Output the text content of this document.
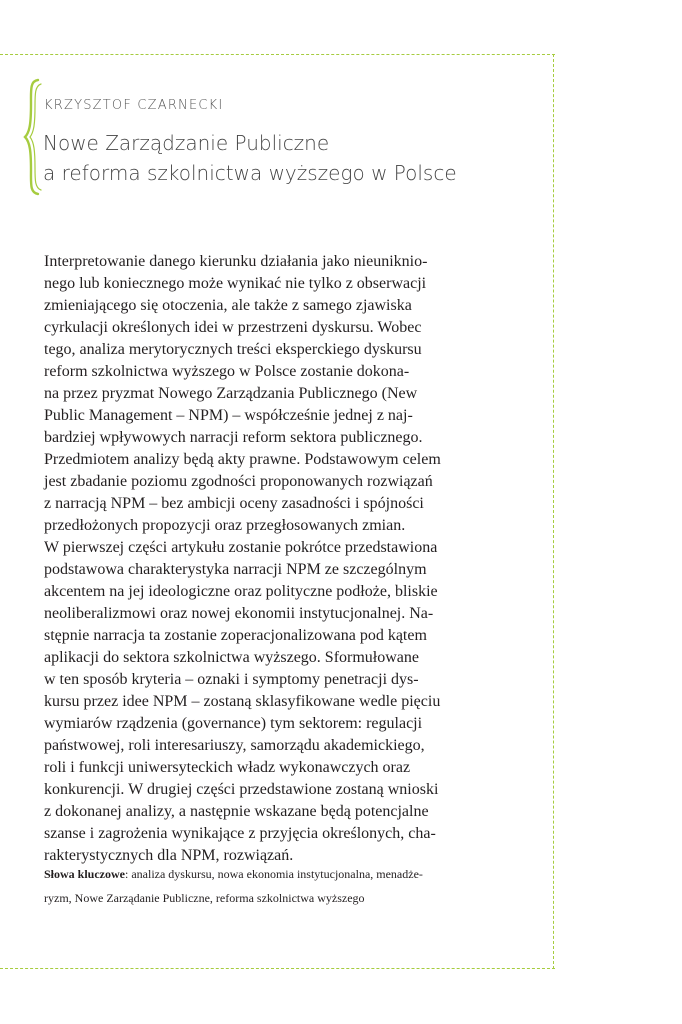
KRZYSZTOF CZARNECKI
Nowe Zarządzanie Publiczne
a reforma szkolnictwa wyższego w Polsce
Interpretowanie danego kierunku działania jako nieuniknio-
nego lub koniecznego może wynikać nie tylko z obserwacji
zmieniającego się otoczenia, ale także z samego zjawiska
cyrkulacji określonych idei w przestrzeni dyskursu. Wobec
tego, analiza merytorycznych treści eksperckiego dyskursu
reform szkolnictwa wyższego w Polsce zostanie dokona-
na przez pryzmat Nowego Zarządzania Publicznego (New
Public Management – NPM) – współcześnie jednej z naj-
bardziej wpływowych narracji reform sektora publicznego.
Przedmiotem analizy będą akty prawne. Podstawowym celem
jest zbadanie poziomu zgodności proponowanych rozwiązań
z narracją NPM – bez ambicji oceny zasadności i spójności
przedłożonych propozycji oraz przegłosowanych zmian.
W pierwszej części artykułu zostanie pokrótce przedstawiona
podstawowa charakterystyka narracji NPM ze szczególnym
akcentem na jej ideologiczne oraz polityczne podłoże, bliskie
neoliberalizmowi oraz nowej ekonomii instytucjonalnej. Na-
stępnie narracja ta zostanie zoperacjonalizowana pod kątem
aplikacji do sektora szkolnictwa wyższego. Sformułowane
w ten sposób kryteria – oznaki i symptomy penetracji dys-
kursu przez idee NPM – zostaną sklasyfikowane wedle pięciu
wymiarów rządzenia (governance) tym sektorem: regulacji
państwowej, roli interesariuszy, samorządu akademickiego,
roli i funkcji uniwersyteckich władz wykonawczych oraz
konkurencji. W drugiej części przedstawione zostaną wnioski
z dokonanej analizy, a następnie wskazane będą potencjalne
szanse i zagrożenia wynikające z przyjęcia określonych, cha-
rakterystycznych dla NPM, rozwiązań.
Słowa kluczowe: analiza dyskursu, nowa ekonomia instytucjonalna, menadże-
ryzm, Nowe Zarządanie Publiczne, reforma szkolnictwa wyższego
